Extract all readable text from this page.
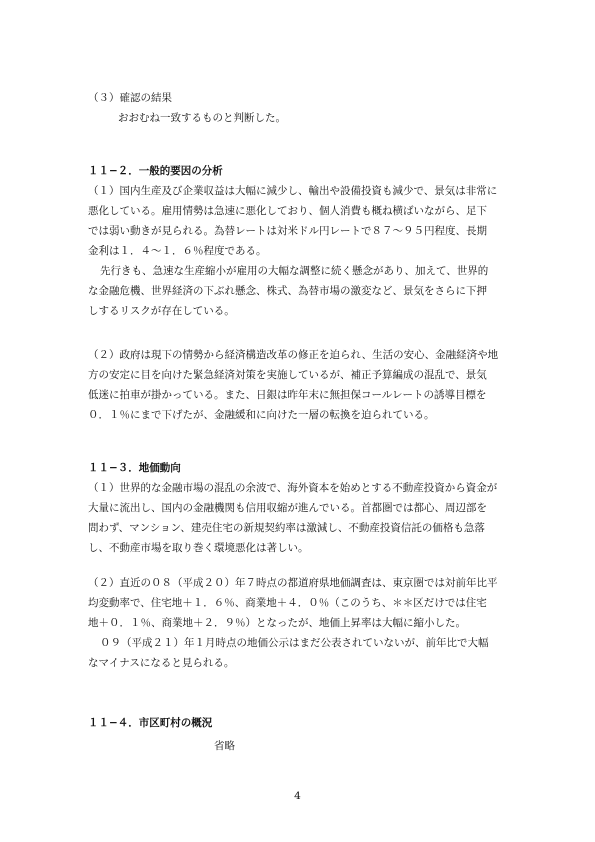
（３）確認の結果
おおむね一致するものと判断した。
１１−２．一般的要因の分析
（１）国内生産及び企業収益は大幅に減少し、輸出や設備投資も減少で、景気は非常に
悪化している。雇用情勢は急速に悪化しており、個人消費も概ね横ばいながら、足下
では弱い動きが見られる。為替レートは対米ドル円レートで８７〜９５円程度、長期
金利は１．４〜１．６％程度である。
先行きも、急速な生産縮小が雇用の大幅な調整に続く懸念があり、加えて、世界的
な金融危機、世界経済の下ぶれ懸念、株式、為替市場の激変など、景気をさらに下押
しするリスクが存在している。
（２）政府は現下の情勢から経済構造改革の修正を迫られ、生活の安心、金融経済や地
方の安定に目を向けた緊急経済対策を実施しているが、補正予算編成の混乱で、景気
低迷に拍車が掛かっている。また、日銀は昨年末に無担保コールレートの誘導目標を
０．１％にまで下げたが、金融緩和に向けた一層の転換を迫られている。
１１−３．地価動向
（１）世界的な金融市場の混乱の余波で、海外資本を始めとする不動産投資から資金が
大量に流出し、国内の金融機関も信用収縮が進んでいる。首都圏では都心、周辺部を
問わず、マンション、建売住宅の新規契約率は激減し、不動産投資信託の価格も急落
し、不動産市場を取り巻く環境悪化は著しい。
（２）直近の０８（平成２０）年７時点の都道府県地価調査は、東京圏では対前年比平
均変動率で、住宅地＋１．６％、商業地＋４．０％（このうち、＊＊区だけでは住宅
地＋０．１％、商業地＋２．９％）となったが、地価上昇率は大幅に縮小した。
０９（平成２１）年１月時点の地価公示はまだ公表されていないが、前年比で大幅
なマイナスになると見られる。
１１−４．市区町村の概況
省略
4
